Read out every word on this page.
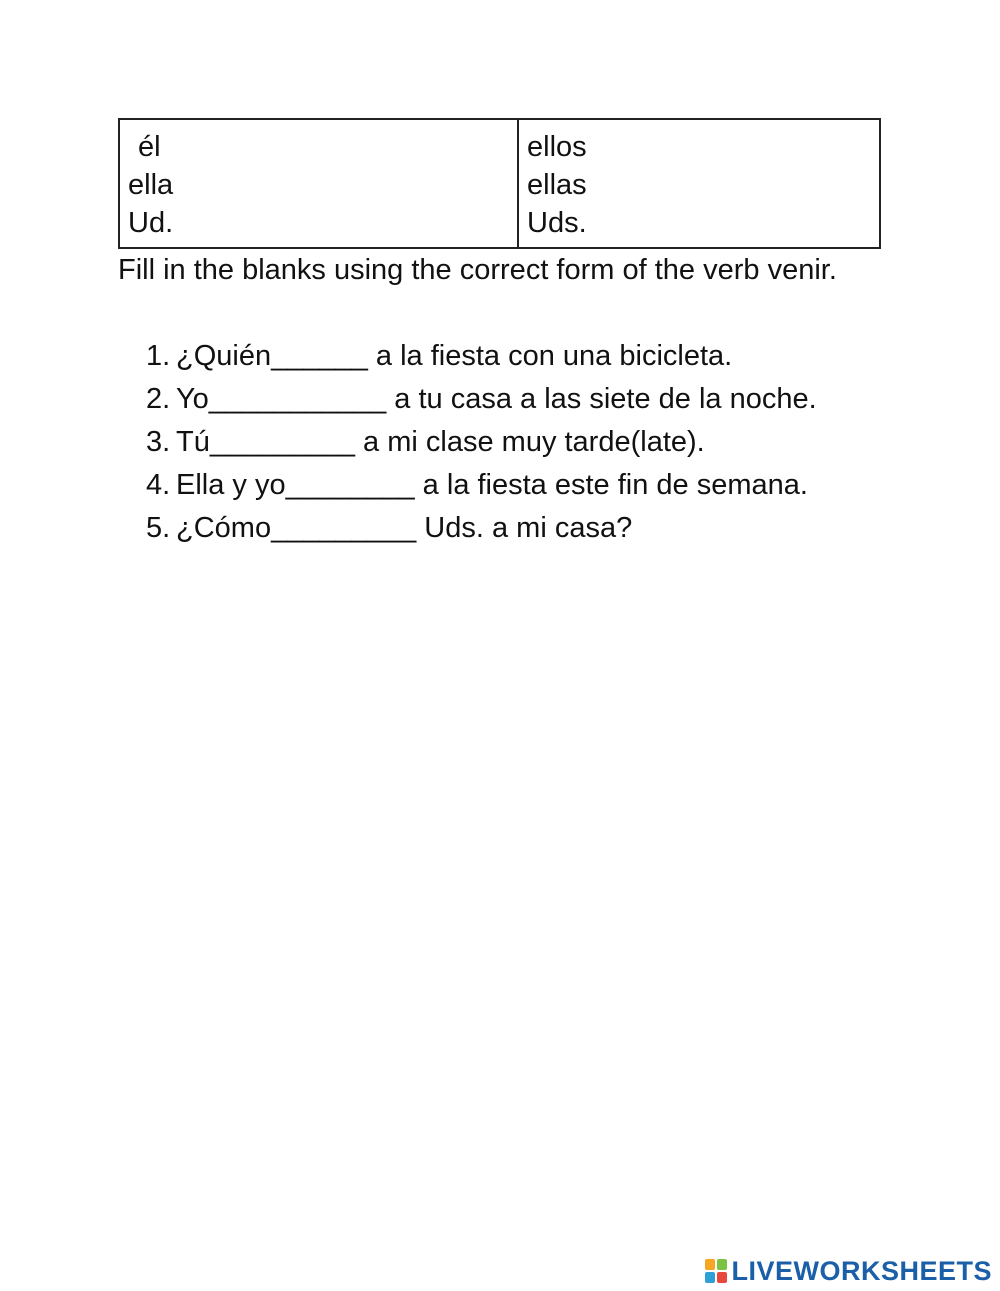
él
ella
Ud.

ellos
ellas
Uds.

Fill in the blanks using the correct form of the verb venir.

1. ¿Quién______ a la fiesta con una bicicleta.
2. Yo___________ a tu casa a las siete de la noche.
3. Tú_________ a mi clase muy tarde(late).
4. Ella y yo________ a la fiesta este fin de semana.
5. ¿Cómo_________ Uds. a mi casa?
LIVEWORKSHEETS
